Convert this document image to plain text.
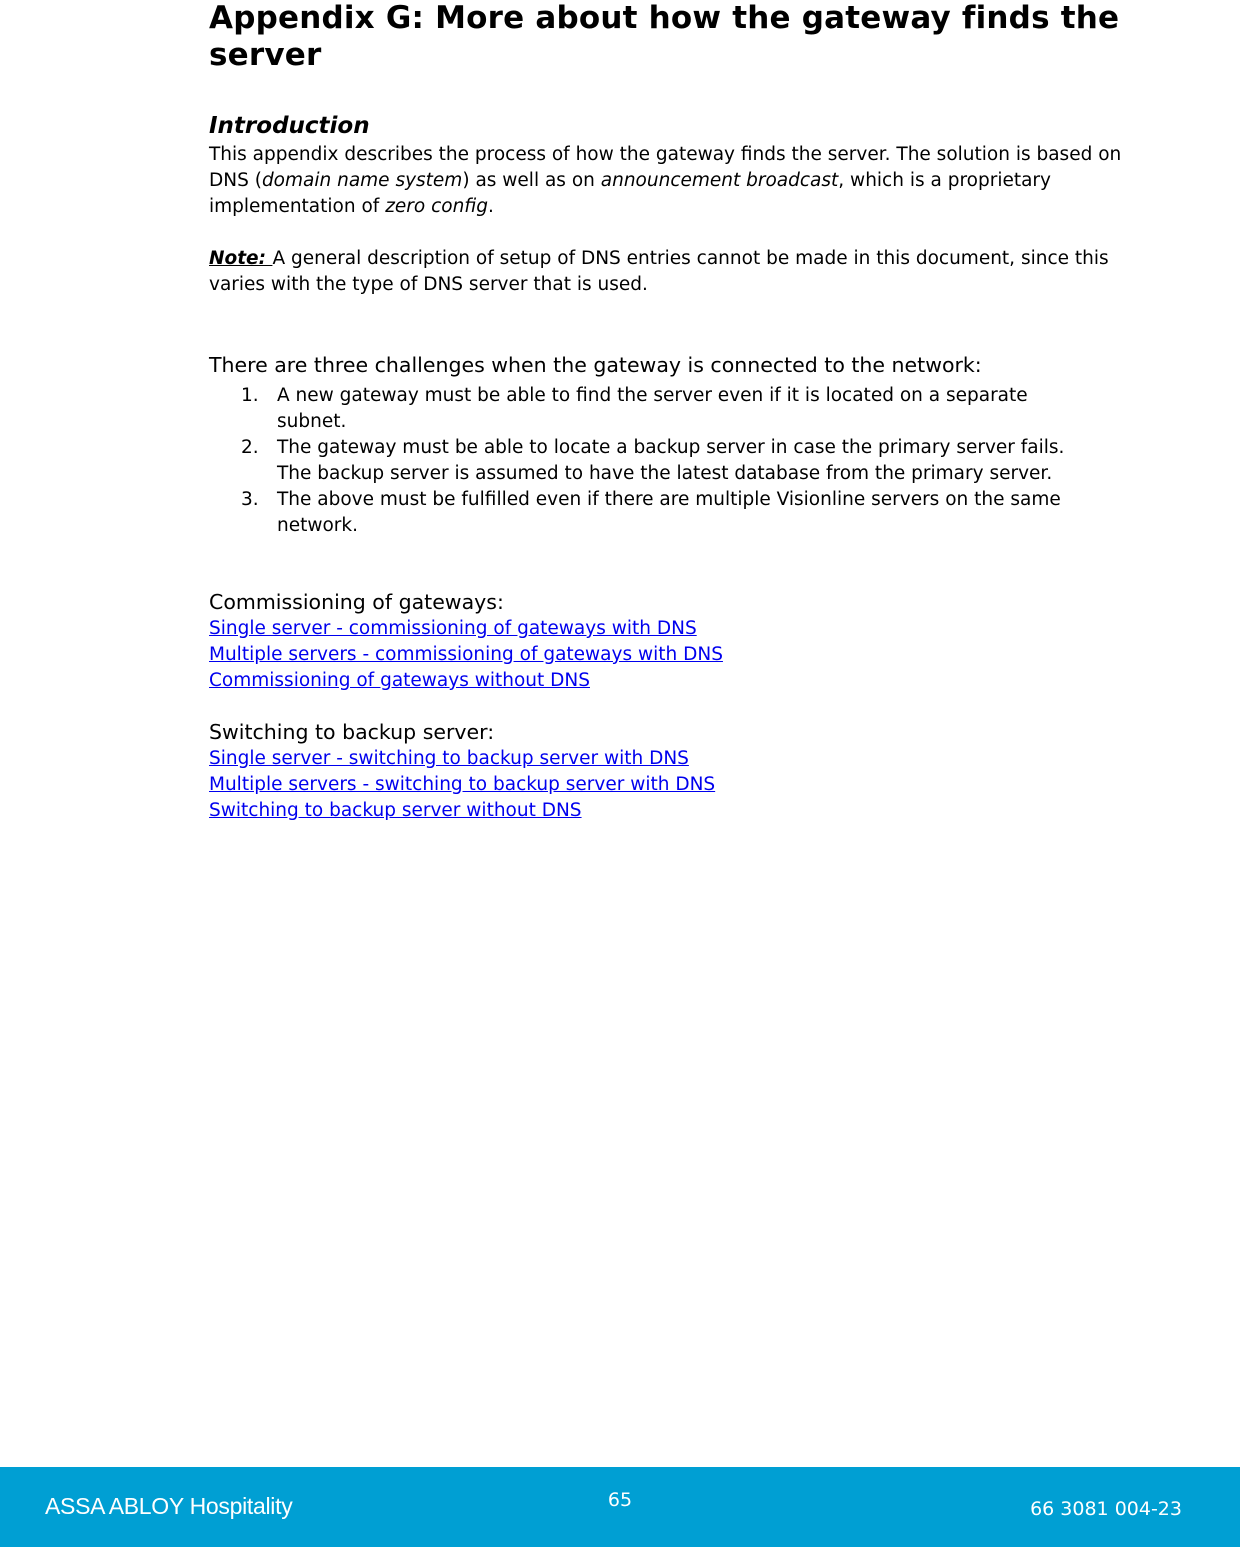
Appendix G: More about how the gateway finds the server
Introduction

This appendix describes the process of how the gateway finds the server. The solution is based on DNS (domain name system) as well as on announcement broadcast, which is a proprietary implementation of zero config.

Note: A general description of setup of DNS entries cannot be made in this document, since this varies with the type of DNS server that is used.

There are three challenges when the gateway is connected to the network:

1. A new gateway must be able to find the server even if it is located on a separate subnet.
2. The gateway must be able to locate a backup server in case the primary server fails. The backup server is assumed to have the latest database from the primary server.
3. The above must be fulfilled even if there are multiple Visionline servers on the same network.

Commissioning of gateways:

Single server - commissioning of gateways with DNS
Multiple servers - commissioning of gateways with DNS
Commissioning of gateways without DNS

Switching to backup server:

Single server - switching to backup server with DNS
Multiple servers - switching to backup server with DNS
Switching to backup server without DNS
ASSA ABLOY Hospitality	65	66 3081 004-23
